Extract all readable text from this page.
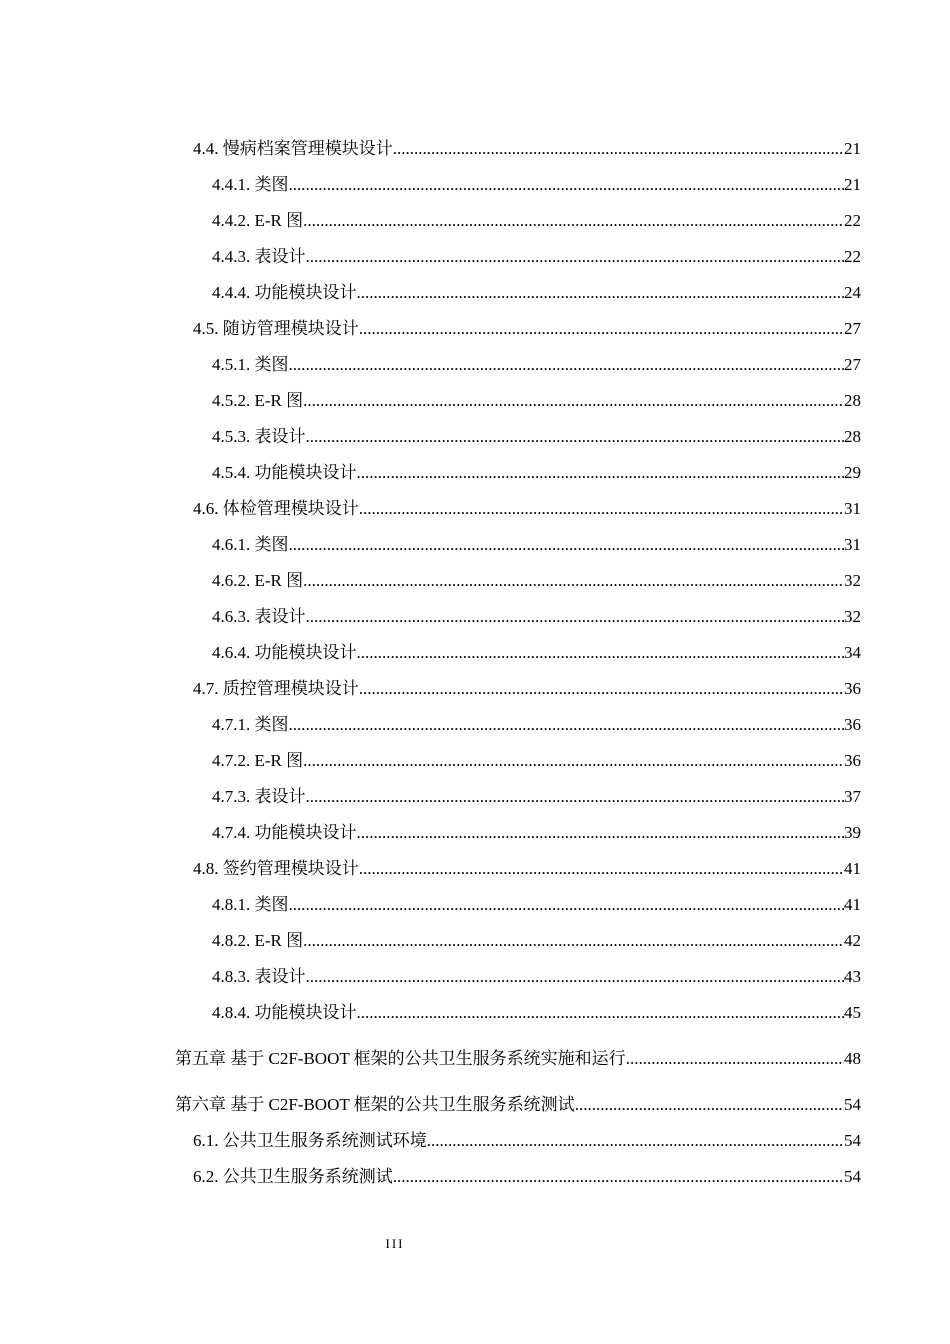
4.4. 慢病档案管理模块设计 .....	21
4.4.1. 类图 .....	21
4.4.2. E-R 图 .....	22
4.4.3. 表设计 .....	22
4.4.4. 功能模块设计 .....	24
4.5. 随访管理模块设计 .....	27
4.5.1. 类图 .....	27
4.5.2. E-R 图 .....	28
4.5.3. 表设计 .....	28
4.5.4. 功能模块设计 .....	29
4.6. 体检管理模块设计 .....	31
4.6.1. 类图 .....	31
4.6.2. E-R 图 .....	32
4.6.3. 表设计 .....	32
4.6.4. 功能模块设计 .....	34
4.7. 质控管理模块设计 .....	36
4.7.1. 类图 .....	36
4.7.2. E-R 图 .....	36
4.7.3. 表设计 .....	37
4.7.4. 功能模块设计 .....	39
4.8. 签约管理模块设计 .....	41
4.8.1. 类图 .....	41
4.8.2. E-R 图 .....	42
4.8.3. 表设计 .....	43
4.8.4. 功能模块设计 .....	45
第五章 基于 C2F-BOOT 框架的公共卫生服务系统实施和运行 .....	48
第六章 基于 C2F-BOOT 框架的公共卫生服务系统测试 .....	54
6.1. 公共卫生服务系统测试环境 .....	54
6.2. 公共卫生服务系统测试 .....	54
III
